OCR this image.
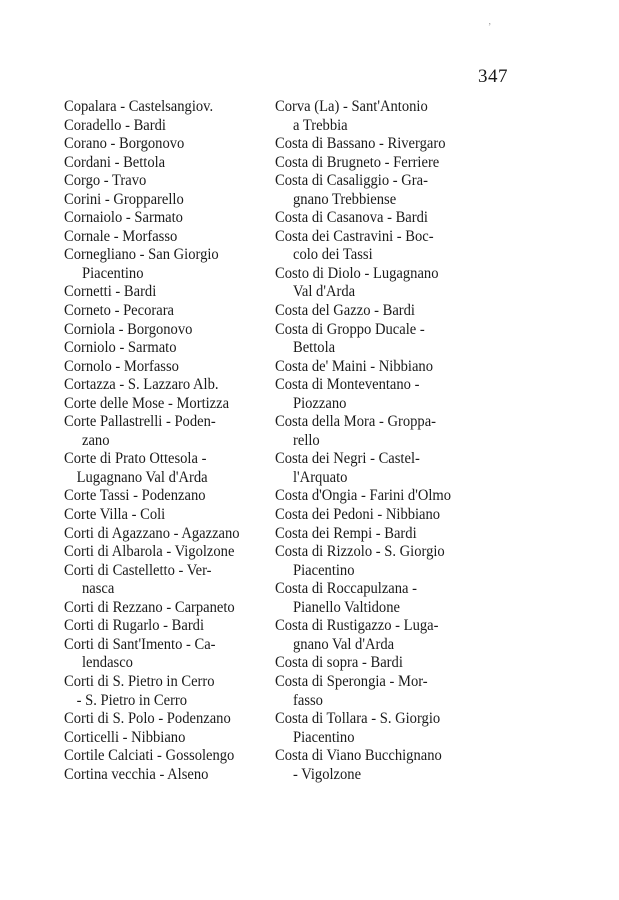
’
347
Copalara - Castelsangiov.
Coradello - Bardi
Corano - Borgonovo
Cordani - Bettola
Corgo - Travo
Corini - Gropparello
Cornaiolo - Sarmato
Cornale - Morfasso
Cornegliano - San Giorgio
Piacentino
Cornetti - Bardi
Corneto - Pecorara
Corniola - Borgonovo
Corniolo - Sarmato
Cornolo - Morfasso
Cortazza - S. Lazzaro Alb.
Corte delle Mose - Mortizza
Corte Pallastrelli - Poden-
zano
Corte di Prato Ottesola -
Lugagnano Val d'Arda
Corte Tassi - Podenzano
Corte Villa - Coli
Corti di Agazzano - Agazzano
Corti di Albarola - Vigolzone
Corti di Castelletto - Ver-
nasca
Corti di Rezzano - Carpaneto
Corti di Rugarlo - Bardi
Corti di Sant'Imento - Ca-
lendasco
Corti di S. Pietro in Cerro
- S. Pietro in Cerro
Corti di S. Polo - Podenzano
Corticelli - Nibbiano
Cortile Calciati - Gossolengo
Cortina vecchia - Alseno
Corva (La) - Sant'Antonio
a Trebbia
Costa di Bassano - Rivergaro
Costa di Brugneto - Ferriere
Costa di Casaliggio - Gra-
gnano Trebbiense
Costa di Casanova - Bardi
Costa dei Castravini - Boc-
colo dei Tassi
Costo di Diolo - Lugagnano
Val d'Arda
Costa del Gazzo - Bardi
Costa di Groppo Ducale -
Bettola
Costa de' Maini - Nibbiano
Costa di Monteventano -
Piozzano
Costa della Mora - Groppa-
rello
Costa dei Negri - Castel-
l'Arquato
Costa d'Ongia - Farini d'Olmo
Costa dei Pedoni - Nibbiano
Costa dei Rempi - Bardi
Costa di Rizzolo - S. Giorgio
Piacentino
Costa di Roccapulzana -
Pianello Valtidone
Costa di Rustigazzo - Luga-
gnano Val d'Arda
Costa di sopra - Bardi
Costa di Sperongia - Mor-
fasso
Costa di Tollara - S. Giorgio
Piacentino
Costa di Viano Bucchignano
- Vigolzone
